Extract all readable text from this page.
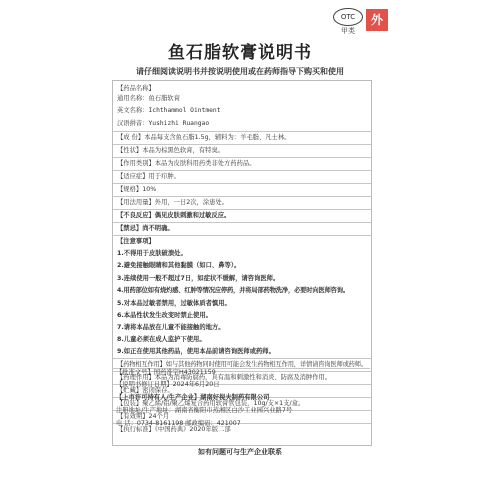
OTC
甲类
外
鱼石脂软膏说明书
请仔细阅读说明书并按说明使用或在药师指导下购买和使用
【药品名称】
通用名称：鱼石脂软膏
英文名称：Ichthammol Ointment
汉语拼音：Yushizhi Ruangao
【成 份】本品每支含鱼石脂1.5g，辅料为：羊毛脂、凡士林。
【性状】本品为棕黑色软膏，有特臭。
【作用类别】本品为皮肤科用药类非处方药药品。
【适应症】用于疖肿。
【规格】10%
【用法用量】外用，一日2次，涂患处。
【不良反应】偶见皮肤刺激和过敏反应。
【禁忌】尚不明确。
【注意事项】
1.不得用于皮肤破溃处。
2.避免接触眼睛和其他黏膜（如口、鼻等）。
3.连续使用一般不超过7日，如症状不缓解，请咨询医师。
4.用药部位如有烧灼感、红肿等情况应停药，并将局部药物洗净，必要时向医师咨询。
5.对本品过敏者禁用，过敏体质者慎用。
6.本品性状发生改变时禁止使用。
7.请将本品放在儿童不能接触的地方。
8.儿童必须在成人监护下使用。
9.如正在使用其他药品，使用本品前请咨询医师或药师。
【药物相互作用】如与其他药物同时使用可能会发生药物相互作用，详情请咨询医师或药师。
【药理作用】本品为消毒防腐药，具有温和刺激性和消炎、防腐及消肿作用。
【贮藏】密闭保存。
【包装】聚乙烯/铝/聚乙烯复合药用软膏管包装，10g/支×1支/盒。
【有效期】24个月
【执行标准】《中国药典》2020年版二部
【批准文号】国药准字H43021159
【说明书修订日期】2024年6月20日
【上市许可持有人/生产企业】湖南好视夫制药有限公司
注册地址/生产地址：湖南省衡阳市蒸湘区白沙工业园兴业路7号
电 话：0734-8161198 邮政编码：421007
如有问题可与生产企业联系
